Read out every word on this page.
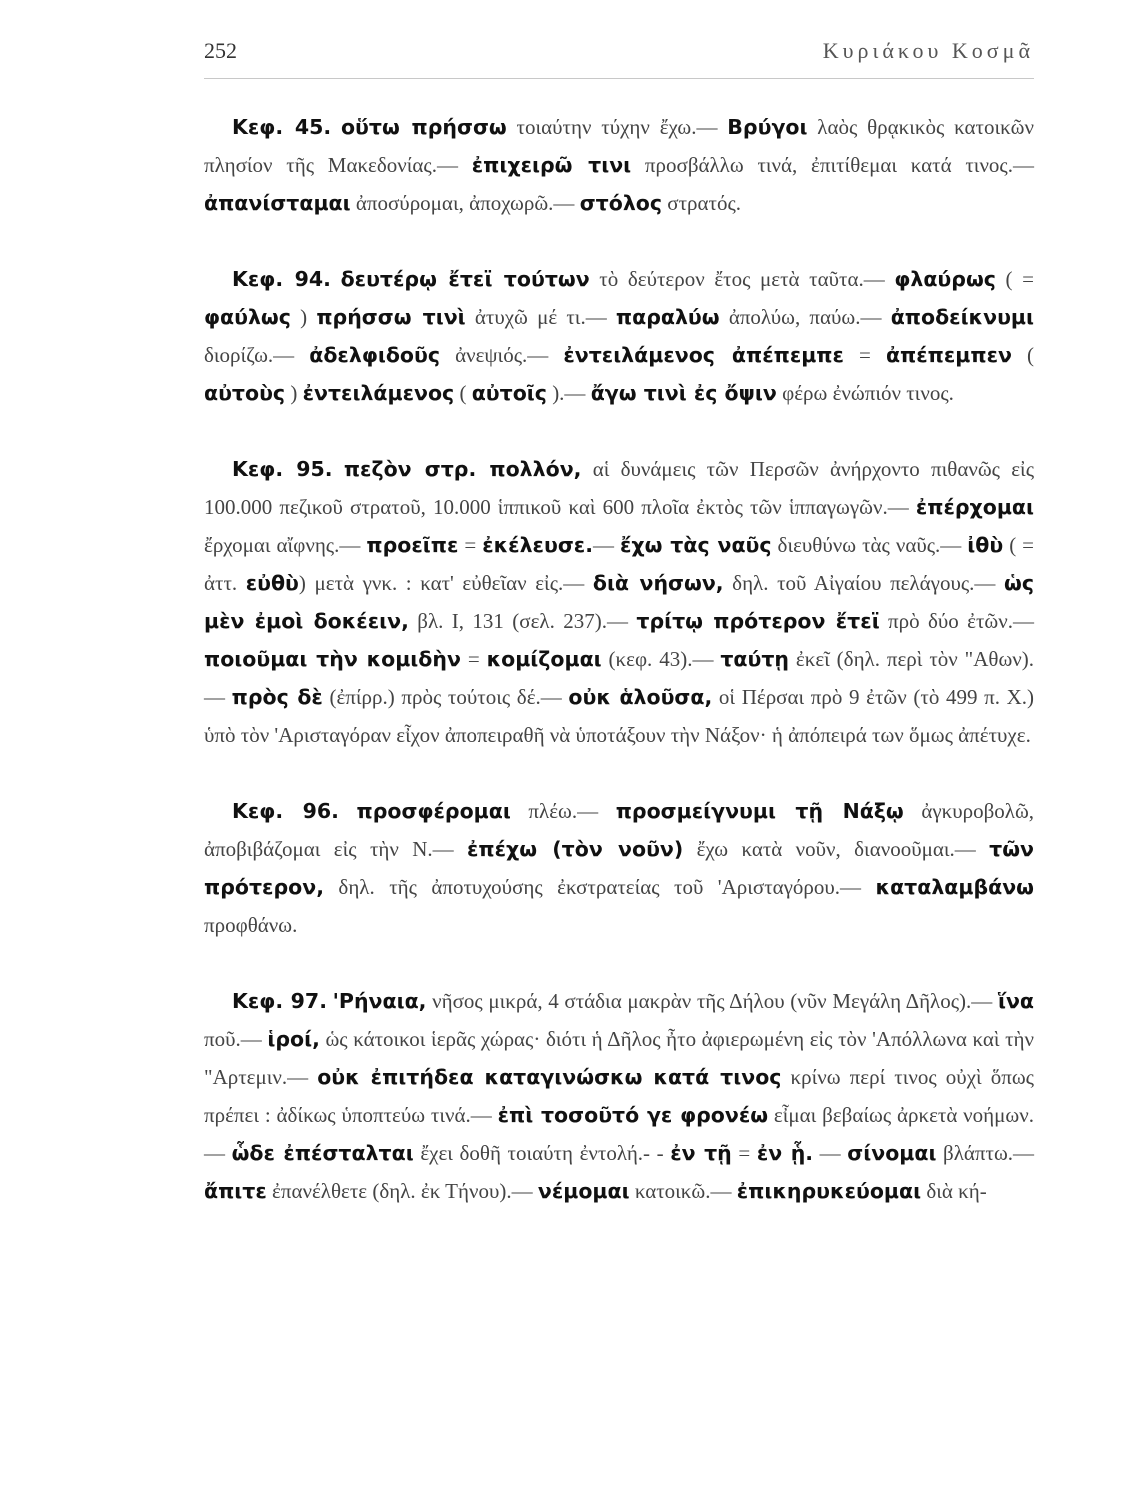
252	Κυριάκου Κοσμᾶ

Κεφ. 45. οὕτω πρήσσω τοιαύτην τύχην ἔχω.— Βρύγοι λαὸς θρᾳκικὸς κατοικῶν πλησίον τῆς Μακεδονίας.— ἐπιχειρῶ τινι προσβάλλω τινά, ἐπιτίθεμαι κατά τινος.— ἀπανίσταμαι ἀποσύρομαι, ἀποχωρῶ.— στόλος στρατός.

Κεφ. 94. δευτέρῳ ἔτεϊ τούτων τὸ δεύτερον ἔτος μετὰ ταῦτα.— φλαύρως ( = φαύλως ) πρήσσω τινὶ ἀτυχῶ μέ τι.— παραλύω ἀπολύω, παύω.— ἀποδείκνυμι διορίζω.— ἀδελφιδοῦς ἀνεψιός.— ἐντειλάμενος ἀπέπεμπε = ἀπέπεμπεν ( αὐτοὺς ) ἐντειλάμενος ( αὐτοῖς ).— ἄγω τινὶ ἐς ὄψιν φέρω ἐνώπιόν τινος.

Κεφ. 95. πεζὸν στρ. πολλόν, αἱ δυνάμεις τῶν Περσῶν ἀνήρχοντο πιθανῶς εἰς 100.000 πεζικοῦ στρατοῦ, 10.000 ἱππικοῦ καὶ 600 πλοῖα ἐκτὸς τῶν ἱππαγωγῶν.— ἐπέρχομαι ἔρχομαι αἴφνης.— προεῖπε = ἐκέλευσε.— ἔχω τὰς ναῦς διευθύνω τὰς ναῦς.— ἰθὺ ( = ἀττ. εὐθὺ) μετὰ γνκ. : κατ' εὐθεῖαν εἰς.— διὰ νήσων, δηλ. τοῦ Αἰγαίου πελάγους.— ὡς μὲν ἐμοὶ δοκέειν, βλ. I, 131 (σελ. 237).— τρίτῳ πρότερον ἔτεϊ πρὸ δύο ἐτῶν.— ποιοῦμαι τὴν κομιδὴν = κομίζομαι (κεφ. 43).— ταύτῃ ἐκεῖ (δηλ. περὶ τὸν "Αθων).— πρὸς δὲ (ἐπίρρ.) πρὸς τούτοις δέ.— οὐκ ἁλοῦσα, οἱ Πέρσαι πρὸ 9 ἐτῶν (τὸ 499 π. Χ.) ὑπὸ τὸν 'Αρισταγόραν εἶχον ἀποπειραθῆ νὰ ὑποτάξουν τὴν Νάξον· ἡ ἀπόπειρά των ὅμως ἀπέτυχε.

Κεφ. 96. προσφέρομαι πλέω.— προσμείγνυμι τῇ Νάξῳ ἀγκυροβολῶ, ἀποβιβάζομαι εἰς τὴν Ν.— ἐπέχω (τὸν νοῦν) ἔχω κατὰ νοῦν, διανοοῦμαι.— τῶν πρότερον, δηλ. τῆς ἀποτυχούσης ἐκστρατείας τοῦ 'Αρισταγόρου.— καταλαμβάνω προφθάνω.

Κεφ. 97. 'Ρήναια, νῆσος μικρά, 4 στάδια μακρὰν τῆς Δήλου (νῦν Μεγάλη Δῆλος).— ἵνα ποῦ.— ἱροί, ὡς κάτοικοι ἱερᾶς χώρας· διότι ἡ Δῆλος ἦτο ἀφιερωμένη εἰς τὸν 'Απόλλωνα καὶ τὴν "Αρτεμιν.— οὐκ ἐπιτήδεα καταγινώσκω κατά τινος κρίνω περί τινος οὐχὶ ὅπως πρέπει : ἀδίκως ὑποπτεύω τινά.— ἐπὶ τοσοῦτό γε φρονέω εἶμαι βεβαίως ἀρκετὰ νοήμων.— ὧδε ἐπέσταλται ἔχει δοθῆ τοιαύτη ἐντολή.- - ἐν τῇ = ἐν ᾗ. — σίνομαι βλάπτω.— ἄπιτε ἐπανέλθετε (δηλ. ἐκ Τήνου).— νέμομαι κατοικῶ.— ἐπικηρυκεύομαι διὰ κή-
